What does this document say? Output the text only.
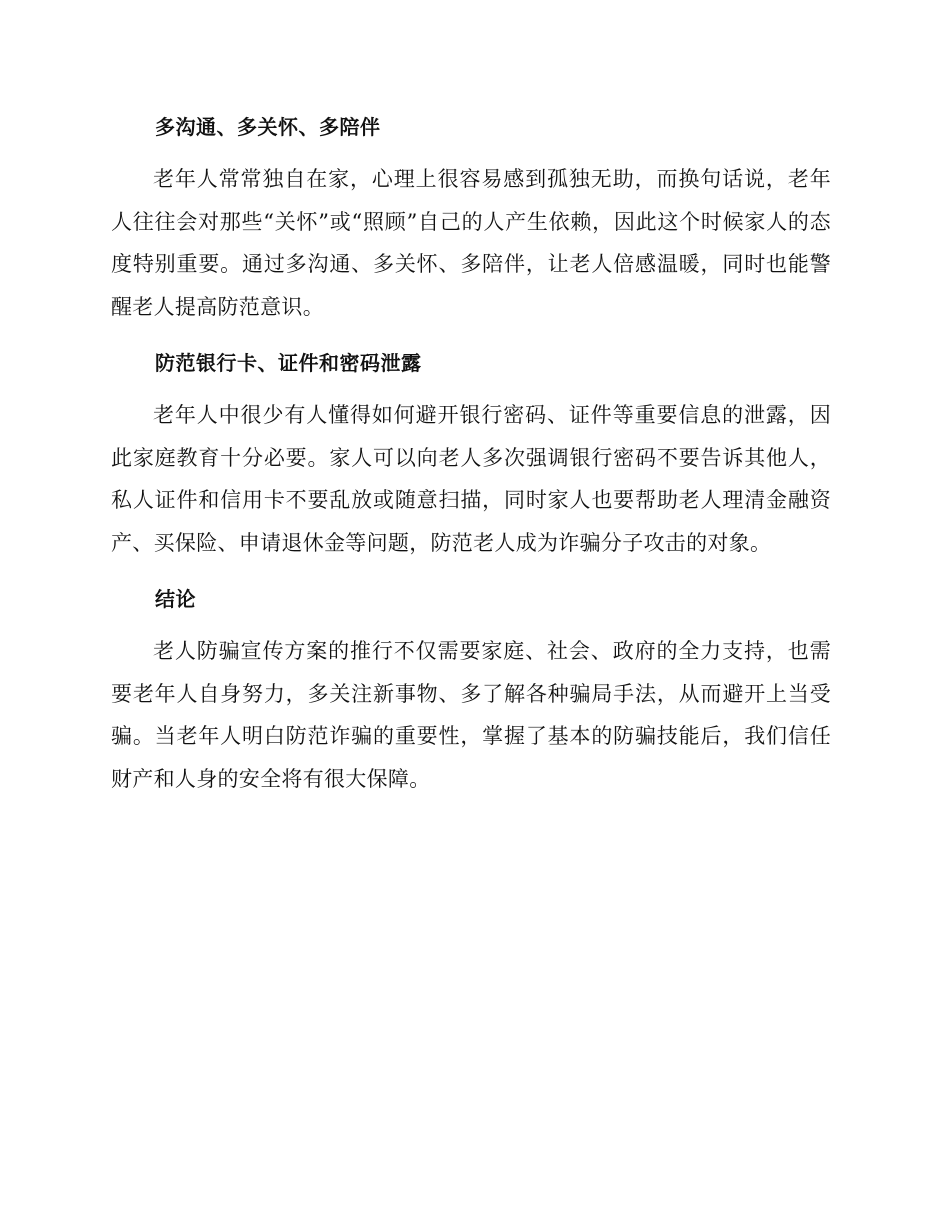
多沟通、多关怀、多陪伴

老年人常常独自在家，心理上很容易感到孤独无助，而换句话说，老年人往往会对那些“关怀”或“照顾”自己的人产生依赖，因此这个时候家人的态度特别重要。通过多沟通、多关怀、多陪伴，让老人倍感温暖，同时也能警醒老人提高防范意识。

防范银行卡、证件和密码泄露

老年人中很少有人懂得如何避开银行密码、证件等重要信息的泄露，因此家庭教育十分必要。家人可以向老人多次强调银行密码不要告诉其他人，私人证件和信用卡不要乱放或随意扫描，同时家人也要帮助老人理清金融资产、买保险、申请退休金等问题，防范老人成为诈骗分子攻击的对象。

结论

老人防骗宣传方案的推行不仅需要家庭、社会、政府的全力支持，也需要老年人自身努力，多关注新事物、多了解各种骗局手法，从而避开上当受骗。当老年人明白防范诈骗的重要性，掌握了基本的防骗技能后，我们信任财产和人身的安全将有很大保障。
